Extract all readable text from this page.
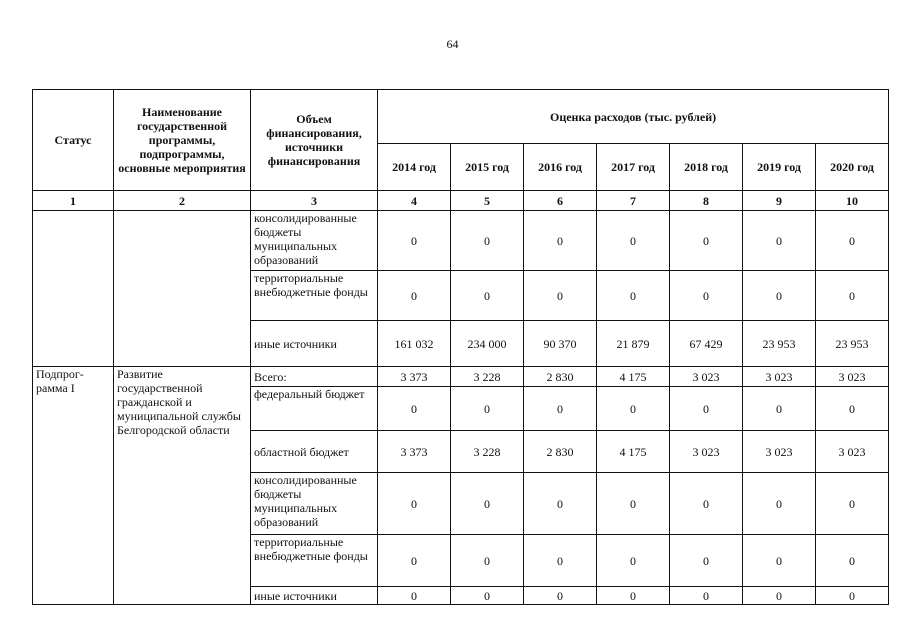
64
Статус	Наименование государственной программы, подпрограммы, основные мероприятия	Объем финансирования, источники финансирования	Оценка расходов (тыс. рублей)						
			2014 год	2015 год	2016 год	2017 год	2018 год	2019 год	2020 год
1	2	3	4	5	6	7	8	9	10
		консолидированные бюджеты муниципальных образований	0	0	0	0	0	0	0
		территориальные внебюджетные фонды	0	0	0	0	0	0	0
		иные источники	161 032	234 000	90 370	21 879	67 429	23 953	23 953
Подпрог-рамма I	Развитие государственной гражданской и муниципальной службы Белгородской области	Всего:	3 373	3 228	2 830	4 175	3 023	3 023	3 023
		федеральный бюджет	0	0	0	0	0	0	0
		областной бюджет	3 373	3 228	2 830	4 175	3 023	3 023	3 023
		консолидированные бюджеты муниципальных образований	0	0	0	0	0	0	0
		территориальные внебюджетные фонды	0	0	0	0	0	0	0
		иные источники	0	0	0	0	0	0	0
